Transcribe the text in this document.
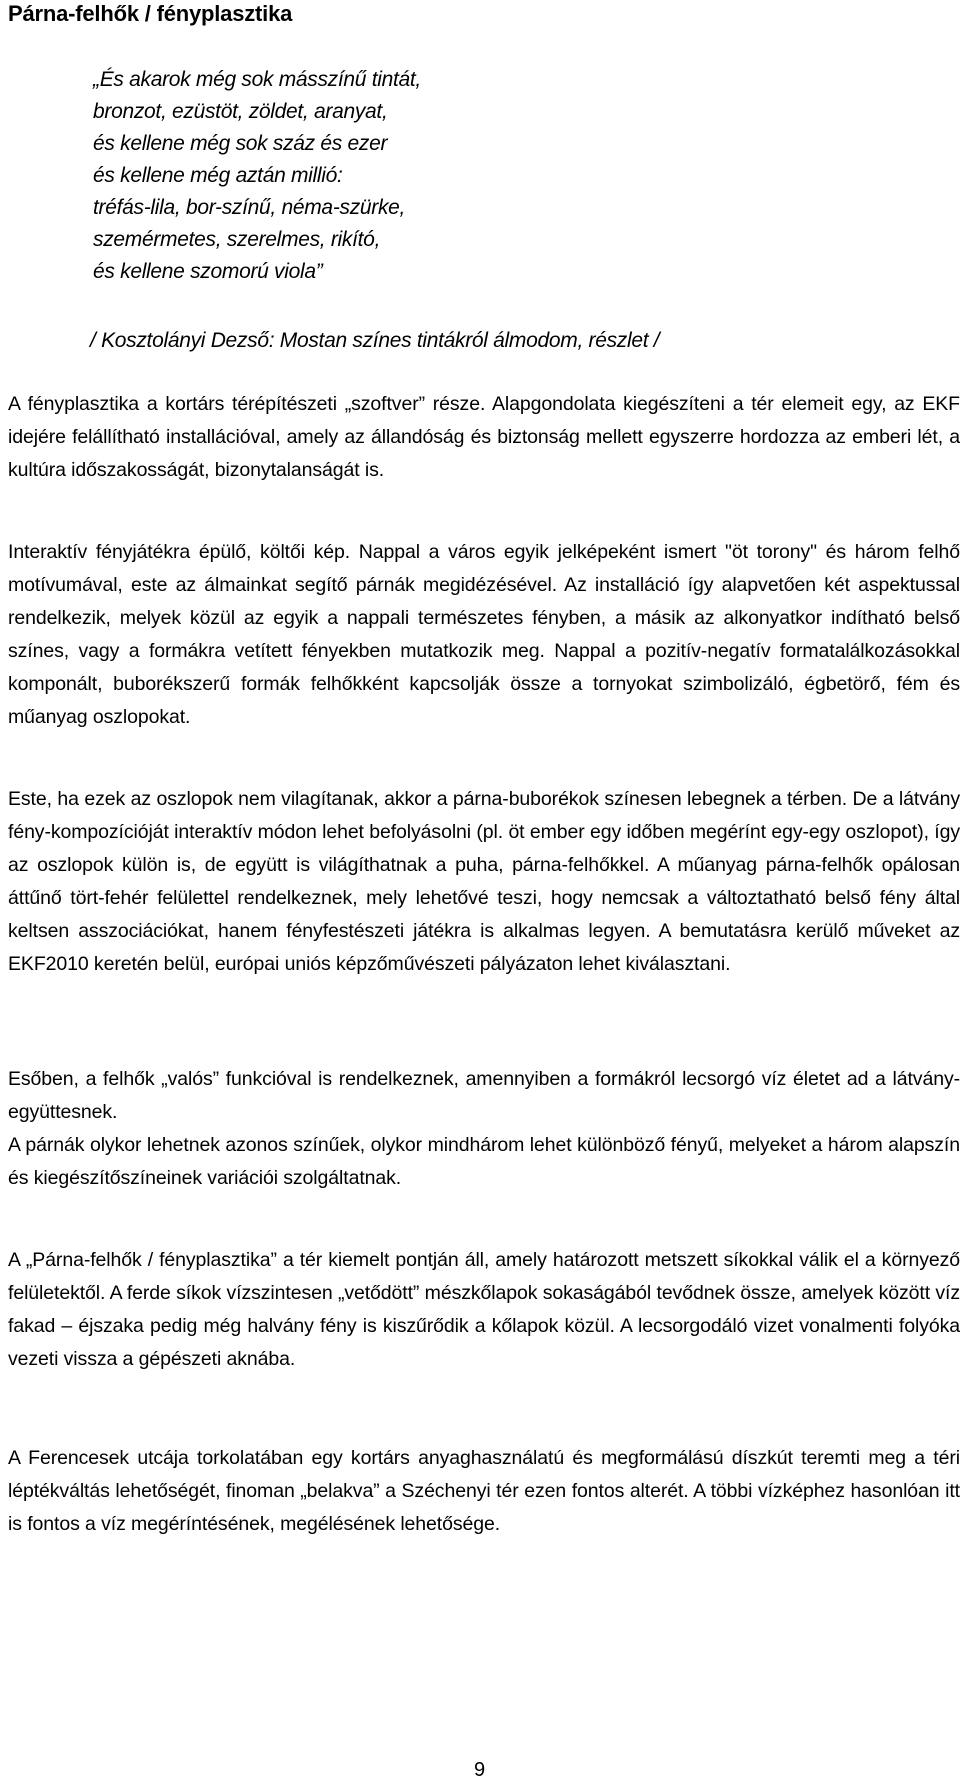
Párna-felhők / fényplasztika
„És akarok még sok másszínű tintát,
bronzot, ezüstöt, zöldet, aranyat,
és kellene még sok száz és ezer
és kellene még aztán millió:
tréfás-lila, bor-színű, néma-szürke,
szemérmetes, szerelmes, rikító,
és kellene szomorú viola”
/ Kosztolányi Dezső: Mostan színes tintákról álmodom, részlet /

A fényplasztika a kortárs térépítészeti „szoftver” része. Alapgondolata kiegészíteni a tér elemeit egy, az EKF idejére felállítható installációval, amely az állandóság és biztonság mellett egyszerre hordozza az emberi lét, a kultúra időszakosságát, bizonytalanságát is.

Interaktív fényjátékra épülő, költői kép. Nappal a város egyik jelképeként ismert "öt torony" és három felhő motívumával, este az álmainkat segítő párnák megidézésével. Az installáció így alapvetően két aspektussal rendelkezik, melyek közül az egyik a nappali természetes fényben, a másik az alkonyatkor indítható belső színes, vagy a formákra vetített fényekben mutatkozik meg. Nappal a pozitív-negatív formatalálkozásokkal komponált, buborékszerű formák felhőkként kapcsolják össze a tornyokat szimbolizáló, égbetörő, fém és műanyag oszlopokat.

Este, ha ezek az oszlopok nem vilagítanak, akkor a párna-buborékok színesen lebegnek a térben. De a látvány fény-kompozícióját interaktív módon lehet befolyásolni (pl. öt ember egy időben megérínt egy-egy oszlopot), így az oszlopok külön is, de együtt is világíthatnak a puha, párna-felhőkkel. A műanyag párna-felhők opálosan áttűnő tört-fehér felülettel rendelkeznek, mely lehetővé teszi, hogy nemcsak a változtatható belső fény által keltsen asszociációkat, hanem fényfestészeti játékra is alkalmas legyen. A bemutatásra kerülő műveket az EKF2010 keretén belül, európai uniós képzőművészeti pályázaton lehet kiválasztani.

Esőben, a felhők „valós” funkcióval is rendelkeznek, amennyiben a formákról lecsorgó víz életet ad a látvány-együttesnek.

A párnák olykor lehetnek azonos színűek, olykor mindhárom lehet különböző fényű, melyeket a három alapszín és kiegészítőszíneinek variációi szolgáltatnak.

A „Párna-felhők / fényplasztika” a tér kiemelt pontján áll, amely határozott metszett síkokkal válik el a környező felületektől. A ferde síkok vízszintesen „vetődött” mészkőlapok sokaságából tevődnek össze, amelyek között víz fakad – éjszaka pedig még halvány fény is kiszűrődik a kőlapok közül. A lecsorgodáló vizet vonalmenti folyóka vezeti vissza a gépészeti aknába.

A Ferencesek utcája torkolatában egy kortárs anyaghasználatú és megformálású díszkút teremti meg a téri léptékváltás lehetőségét, finoman „belakva” a Széchenyi tér ezen fontos alterét. A többi vízképhez hasonlóan itt is fontos a víz megéríntésének, megélésének lehetősége.

9
